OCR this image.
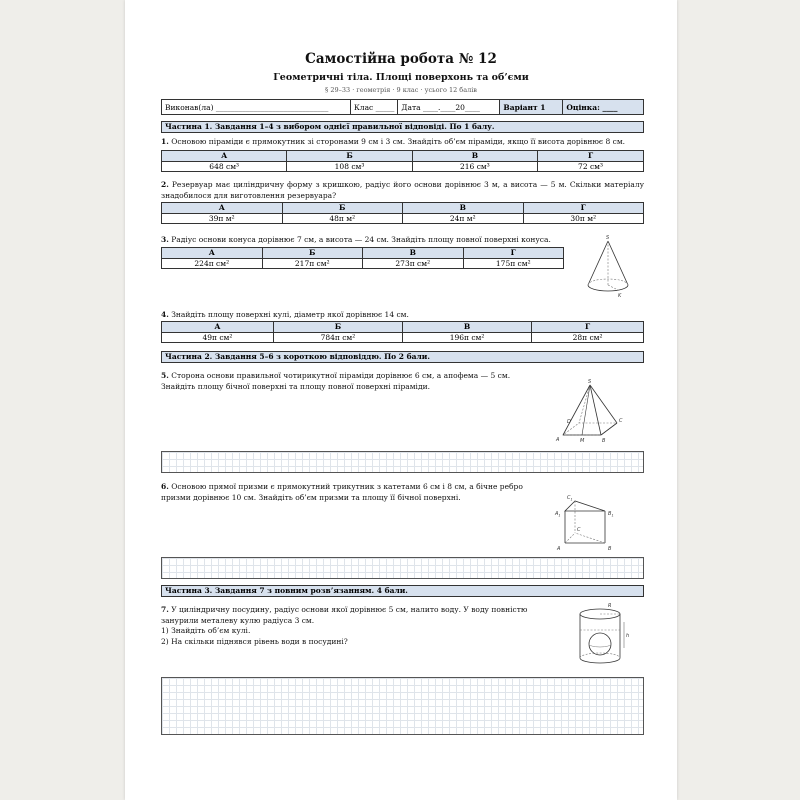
Самостійна робота № 12
Геометричні тіла. Площі поверхонь та об’єми
§ 29–33 · геометрія · 9 клас · усього 12 балів
Виконав(ла) ______________________________	Клас _____	Дата ____.____20____	Варіант 1	Оцінка: ____
Частина 1. Завдання 1–4 з вибором однієї правильної відповіді. По 1 балу.
1. Основою піраміди є прямокутник зі сторонами 9 см і 3 см. Знайдіть об’єм піраміди, якщо її висота дорівнює 8 см.
А	Б	В	Г
648 см³	108 см³	216 см³	72 см³
2. Резервуар має циліндричну форму з кришкою, радіус його основи дорівнює 3 м, а висота — 5 м. Скільки матеріалу знадобилося для виготовлення резервуара?
А	Б	В	Г
39π м²	48π м²	24π м²	30π м²
3. Радіус основи конуса дорівнює 7 см, а висота — 24 см. Знайдіть площу повної поверхні конуса.
А	Б	В	Г
224π см²	217π см²	273π см²	175π см²
S
K
4. Знайдіть площу поверхні кулі, діаметр якої дорівнює 14 см.
А	Б	В	Г
49π см²	784π см²	196π см²	28π см²
Частина 2. Завдання 5–6 з короткою відповіддю. По 2 бали.
5. Сторона основи правильної чотирикутної піраміди дорівнює 6 см, а апофема — 5 см. Знайдіть площу бічної поверхні та площу повної поверхні піраміди.	S
A	B
C
D
M
6. Основою прямої призми є прямокутний трикутник з катетами 6 см і 8 см, а бічне ребро призми дорівнює 10 см. Знайдіть об’єм призми та площу її бічної поверхні.	$C_1$
$A_1$	$B_1$
A	B
C
Частина 3. Завдання 7 з повним розв’язанням. 4 бали.
7. У циліндричну посудину, радіус основи якої дорівнює 5 см, налито воду. У воду повністю занурили металеву кулю радіуса 3 см.
1) Знайдіть об’єм кулі.
2) На скільки піднявся рівень води в посудині?
R
h
